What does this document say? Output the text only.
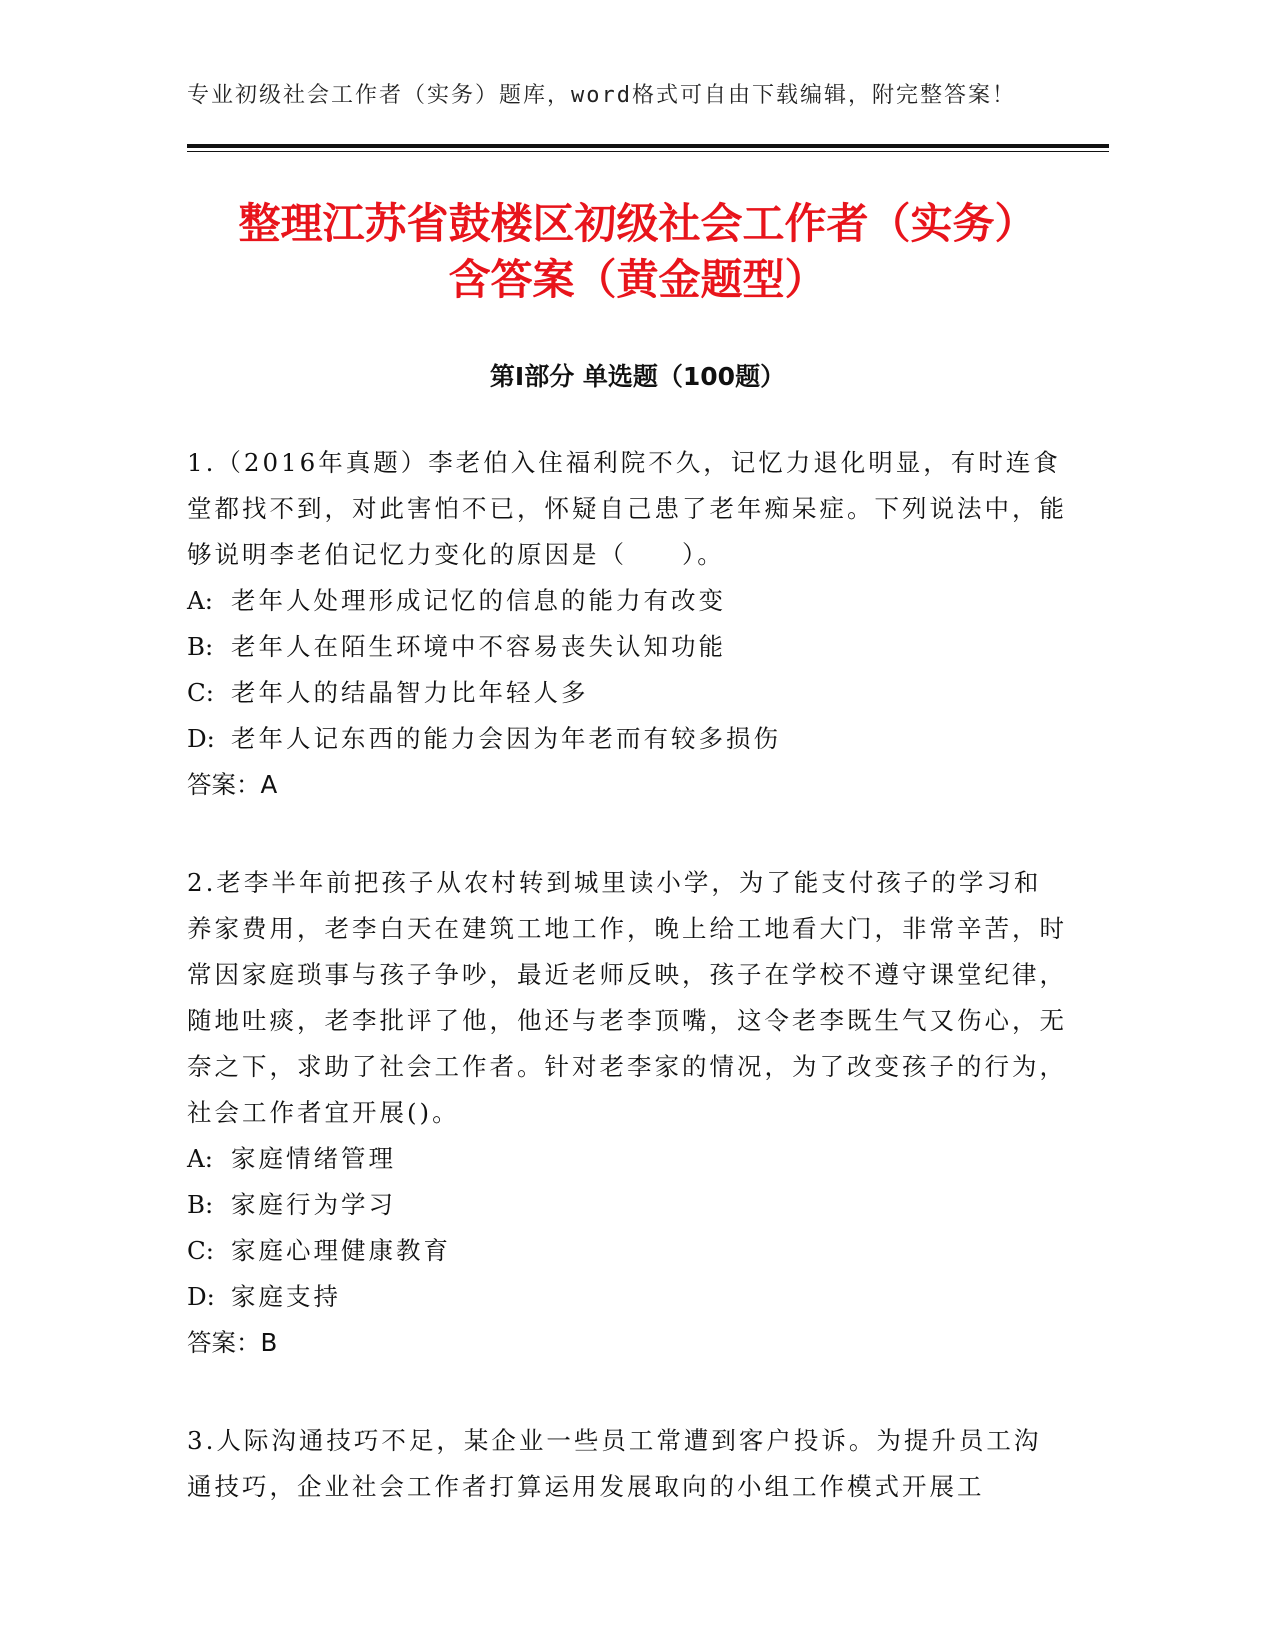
专业初级社会工作者（实务）题库，word格式可自由下载编辑，附完整答案！
整理江苏省鼓楼区初级社会工作者（实务）
含答案（黄金题型）
第Ⅰ部分 单选题（100题）
1.（2016年真题）李老伯入住福利院不久，记忆力退化明显，有时连食堂都找不到，对此害怕不已，怀疑自己患了老年痴呆症。下列说法中，能够说明李老伯记忆力变化的原因是（　　）。
A: 老年人处理形成记忆的信息的能力有改变
B: 老年人在陌生环境中不容易丧失认知功能
C: 老年人的结晶智力比年轻人多
D: 老年人记东西的能力会因为年老而有较多损伤
答案：A
2.老李半年前把孩子从农村转到城里读小学，为了能支付孩子的学习和养家费用，老李白天在建筑工地工作，晚上给工地看大门，非常辛苦，时常因家庭琐事与孩子争吵，最近老师反映，孩子在学校不遵守课堂纪律，随地吐痰，老李批评了他，他还与老李顶嘴，这令老李既生气又伤心，无奈之下，求助了社会工作者。针对老李家的情况，为了改变孩子的行为，社会工作者宜开展()。
A: 家庭情绪管理
B: 家庭行为学习
C: 家庭心理健康教育
D: 家庭支持
答案：B
3.人际沟通技巧不足，某企业一些员工常遭到客户投诉。为提升员工沟通技巧，企业社会工作者打算运用发展取向的小组工作模式开展工
